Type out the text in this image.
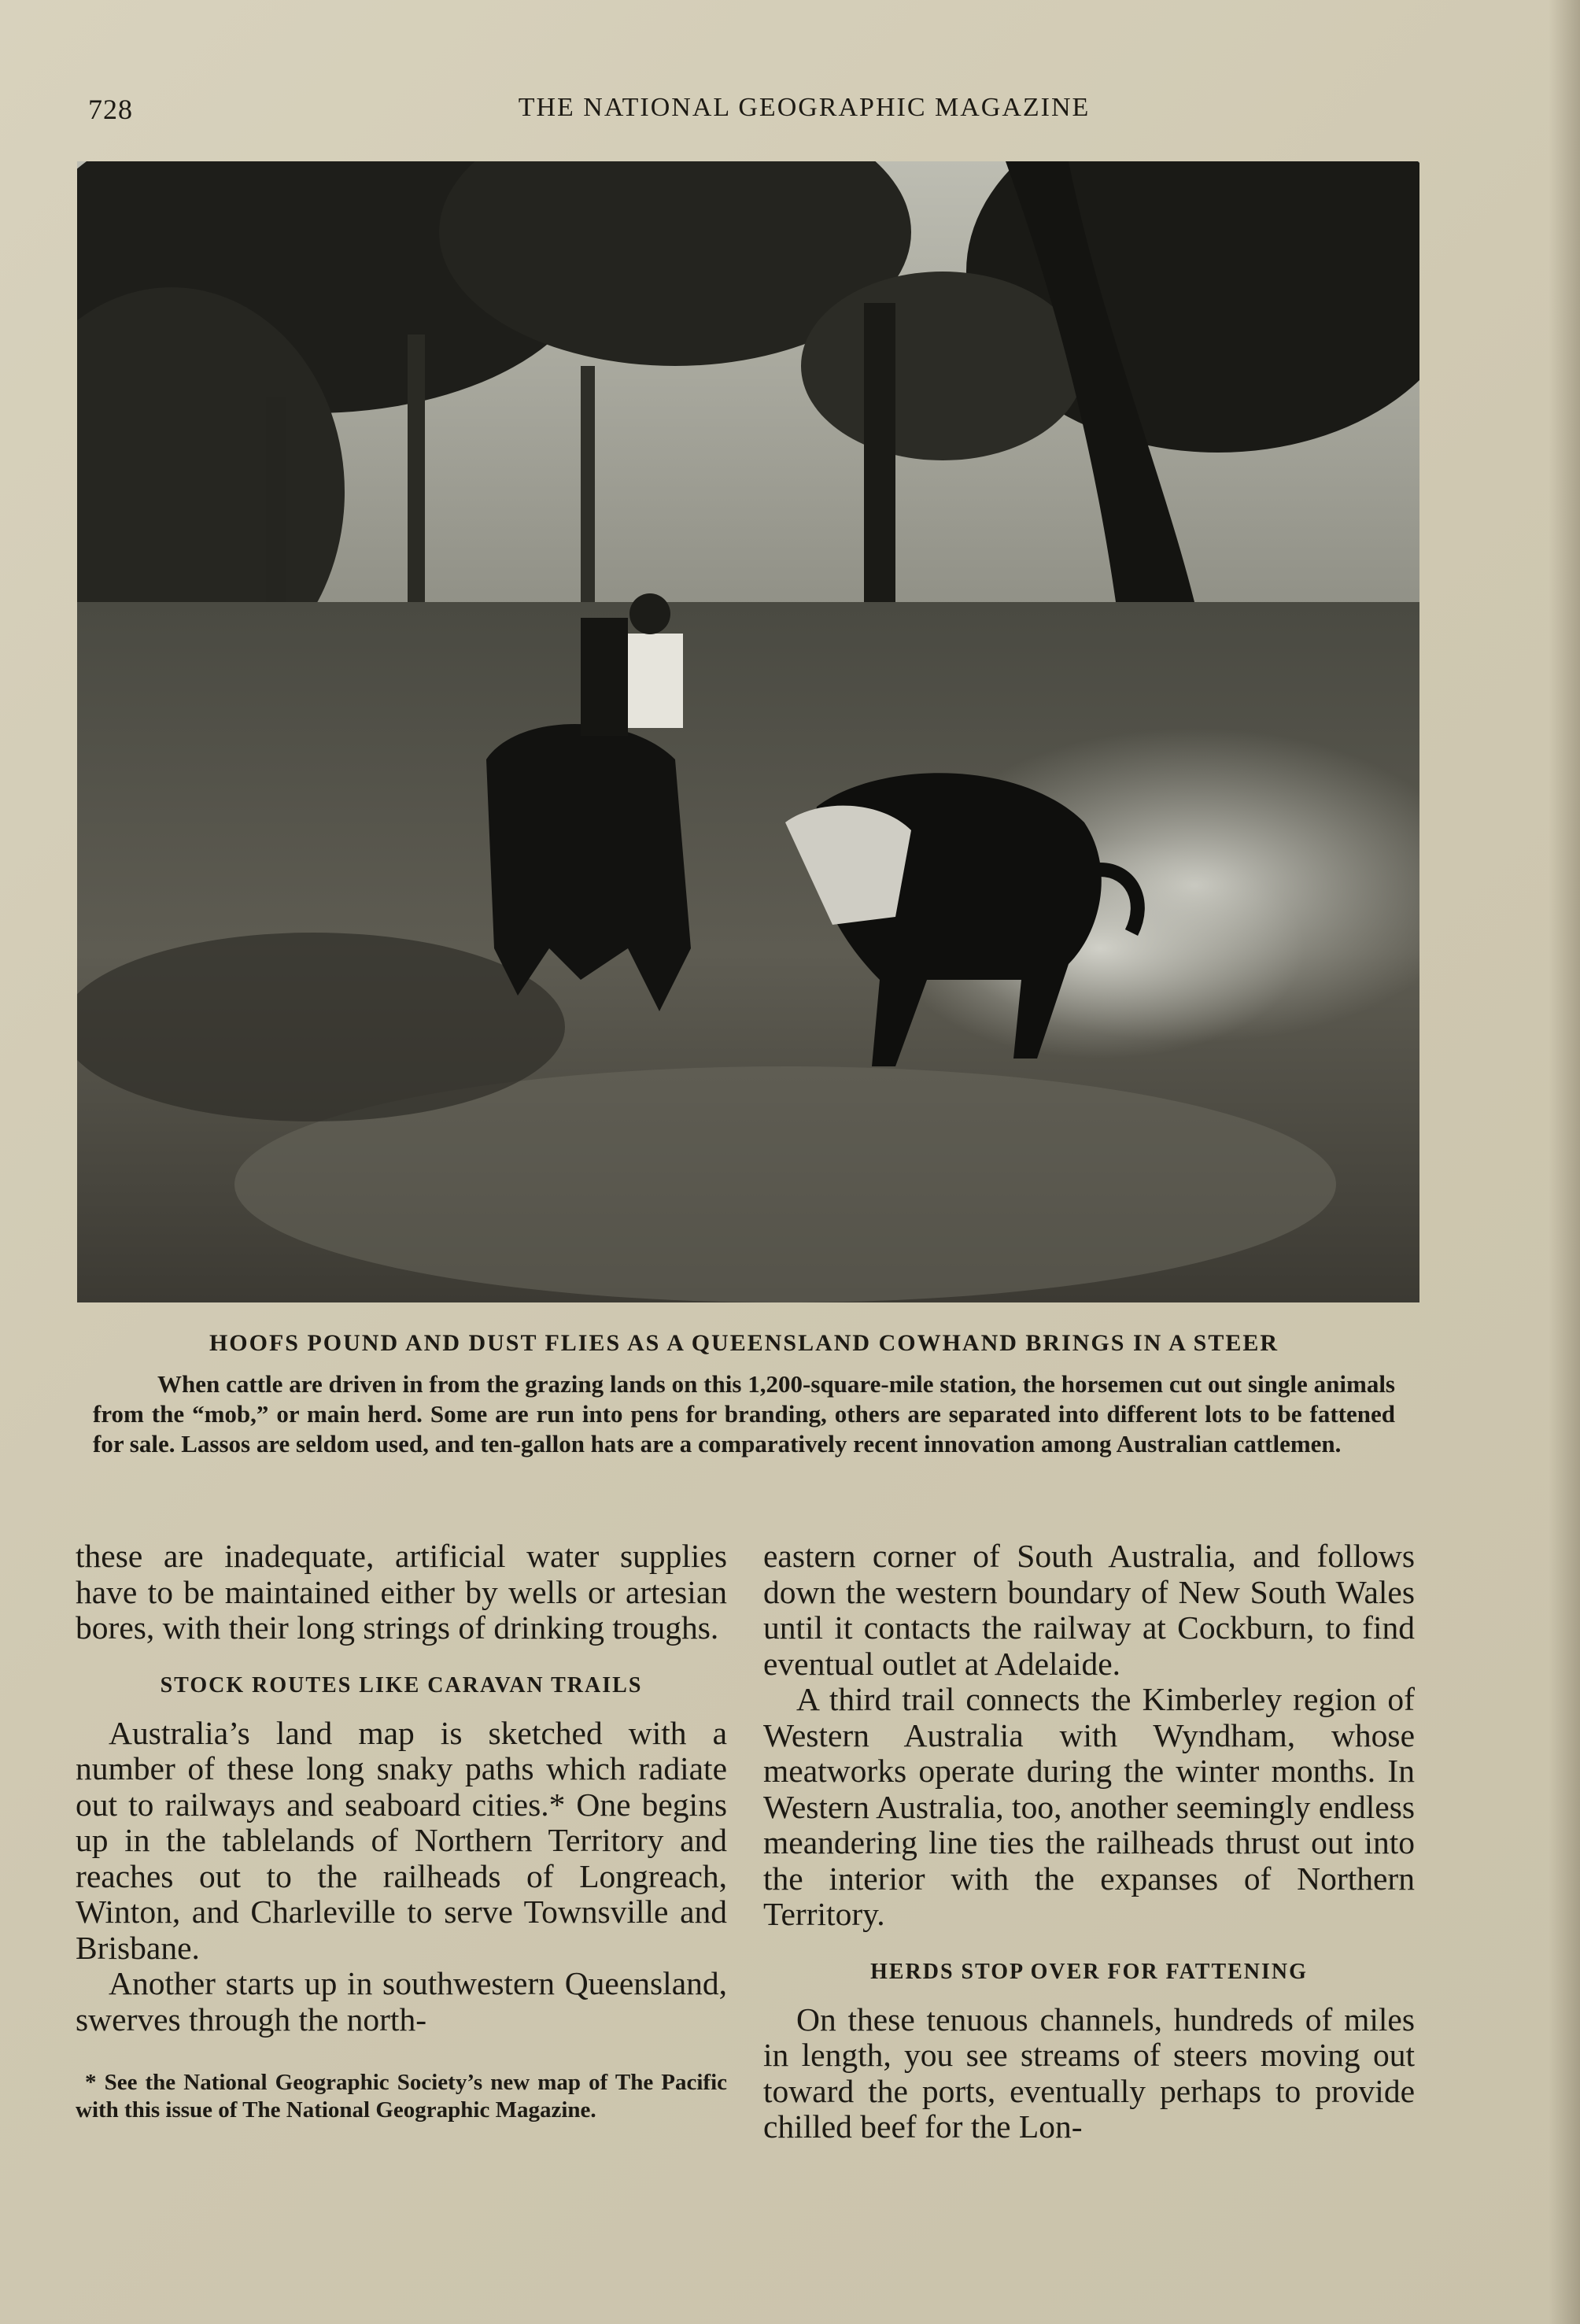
728	THE NATIONAL GEOGRAPHIC MAGAZINE
HOOFS POUND AND DUST FLIES AS A QUEENSLAND COWHAND BRINGS IN A STEER
When cattle are driven in from the grazing lands on this 1,200-square-mile station, the horsemen cut out single animals from the “mob,” or main herd. Some are run into pens for branding, others are separated into different lots to be fattened for sale. Lassos are seldom used, and ten-gallon hats are a comparatively recent innovation among Australian cattlemen.

these are inadequate, artificial water supplies have to be maintained either by wells or artesian bores, with their long strings of drinking troughs.

STOCK ROUTES LIKE CARAVAN TRAILS

Australia’s land map is sketched with a number of these long snaky paths which radiate out to railways and seaboard cities.* One begins up in the tablelands of Northern Territory and reaches out to the railheads of Longreach, Winton, and Charleville to serve Townsville and Brisbane.

Another starts up in southwestern Queensland, swerves through the north-

* See the National Geographic Society’s new map of The Pacific with this issue of The National Geographic Magazine.

eastern corner of South Australia, and follows down the western boundary of New South Wales until it contacts the railway at Cockburn, to find eventual outlet at Adelaide.

A third trail connects the Kimberley region of Western Australia with Wyndham, whose meatworks operate during the winter months. In Western Australia, too, another seemingly endless meandering line ties the railheads thrust out into the interior with the expanses of Northern Territory.

HERDS STOP OVER FOR FATTENING

On these tenuous channels, hundreds of miles in length, you see streams of steers moving out toward the ports, eventually perhaps to provide chilled beef for the Lon-
